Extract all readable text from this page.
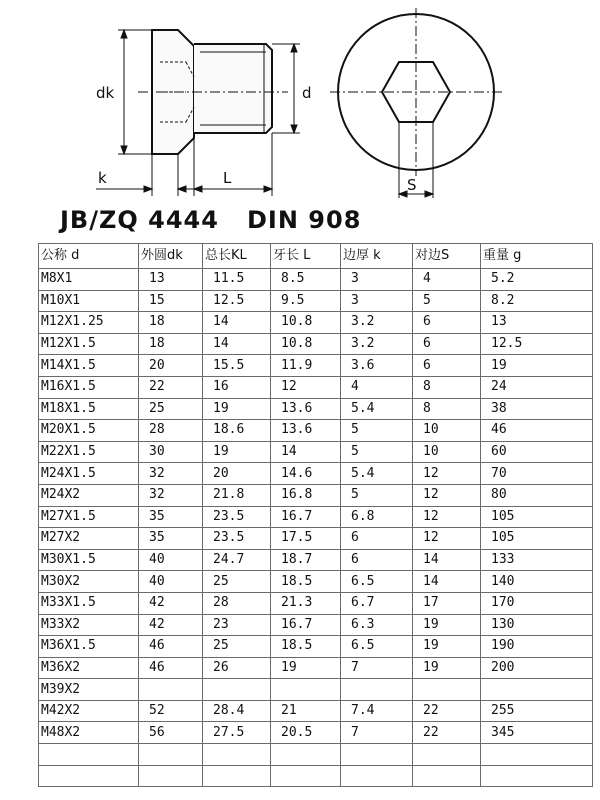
dk	d
k	L	S
JB/ZQ 4444   DIN 908
公称 d	外圆dk	总长KL	牙长 L	边厚 k	对边S	重量 g
M8X1	13	11.5	8.5	3	4	5.2
M10X1	15	12.5	9.5	3	5	8.2
M12X1.25	18	14	10.8	3.2	6	13
M12X1.5	18	14	10.8	3.2	6	12.5
M14X1.5	20	15.5	11.9	3.6	6	19
M16X1.5	22	16	12	4	8	24
M18X1.5	25	19	13.6	5.4	8	38
M20X1.5	28	18.6	13.6	5	10	46
M22X1.5	30	19	14	5	10	60
M24X1.5	32	20	14.6	5.4	12	70
M24X2	32	21.8	16.8	5	12	80
M27X1.5	35	23.5	16.7	6.8	12	105
M27X2	35	23.5	17.5	6	12	105
M30X1.5	40	24.7	18.7	6	14	133
M30X2	40	25	18.5	6.5	14	140
M33X1.5	42	28	21.3	6.7	17	170
M33X2	42	23	16.7	6.3	19	130
M36X1.5	46	25	18.5	6.5	19	190
M36X2	46	26	19	7	19	200
M39X2						
M42X2	52	28.4	21	7.4	22	255
M48X2	56	27.5	20.5	7	22	345
